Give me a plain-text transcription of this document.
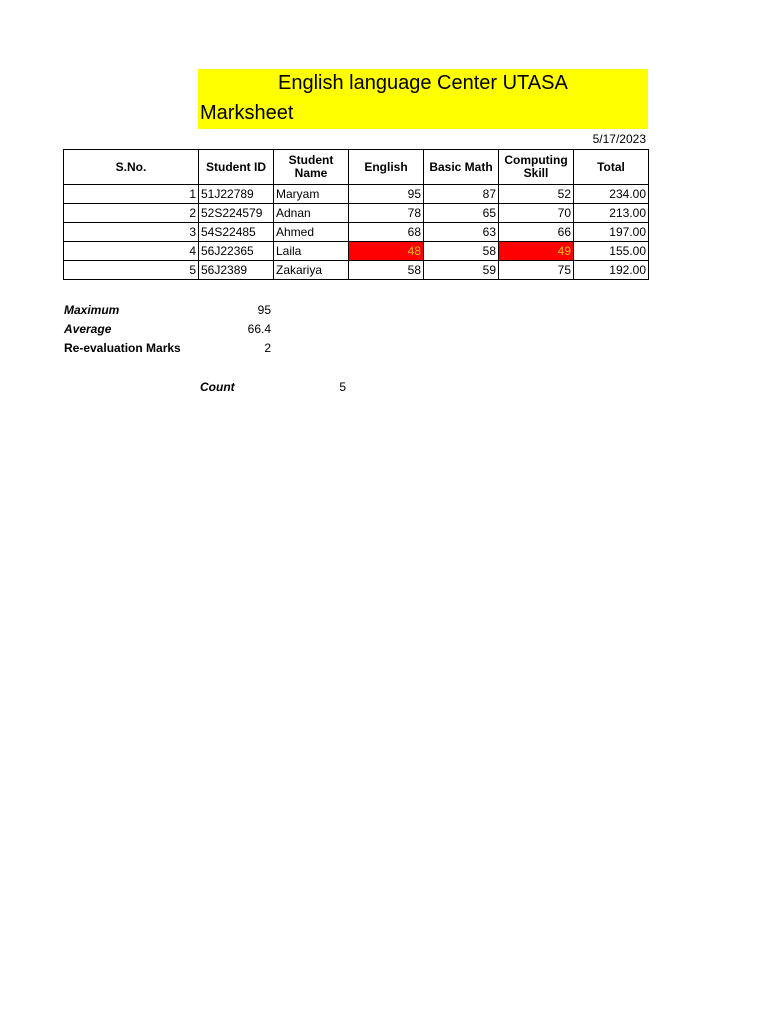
English language Center UTASA
Marksheet
5/17/2023
S.No.	Student ID	Student Name	English	Basic Math	Computing Skill	Total
1	51J22789	Maryam	95	87	52	234.00
2	52S224579	Adnan	78	65	70	213.00
3	54S22485	Ahmed	68	63	66	197.00
4	56J22365	Laila	48	58	49	155.00
5	56J2389	Zakariya	58	59	75	192.00
Maximum	95
Average	66.4
Re-evaluation Marks	2
Count	5
